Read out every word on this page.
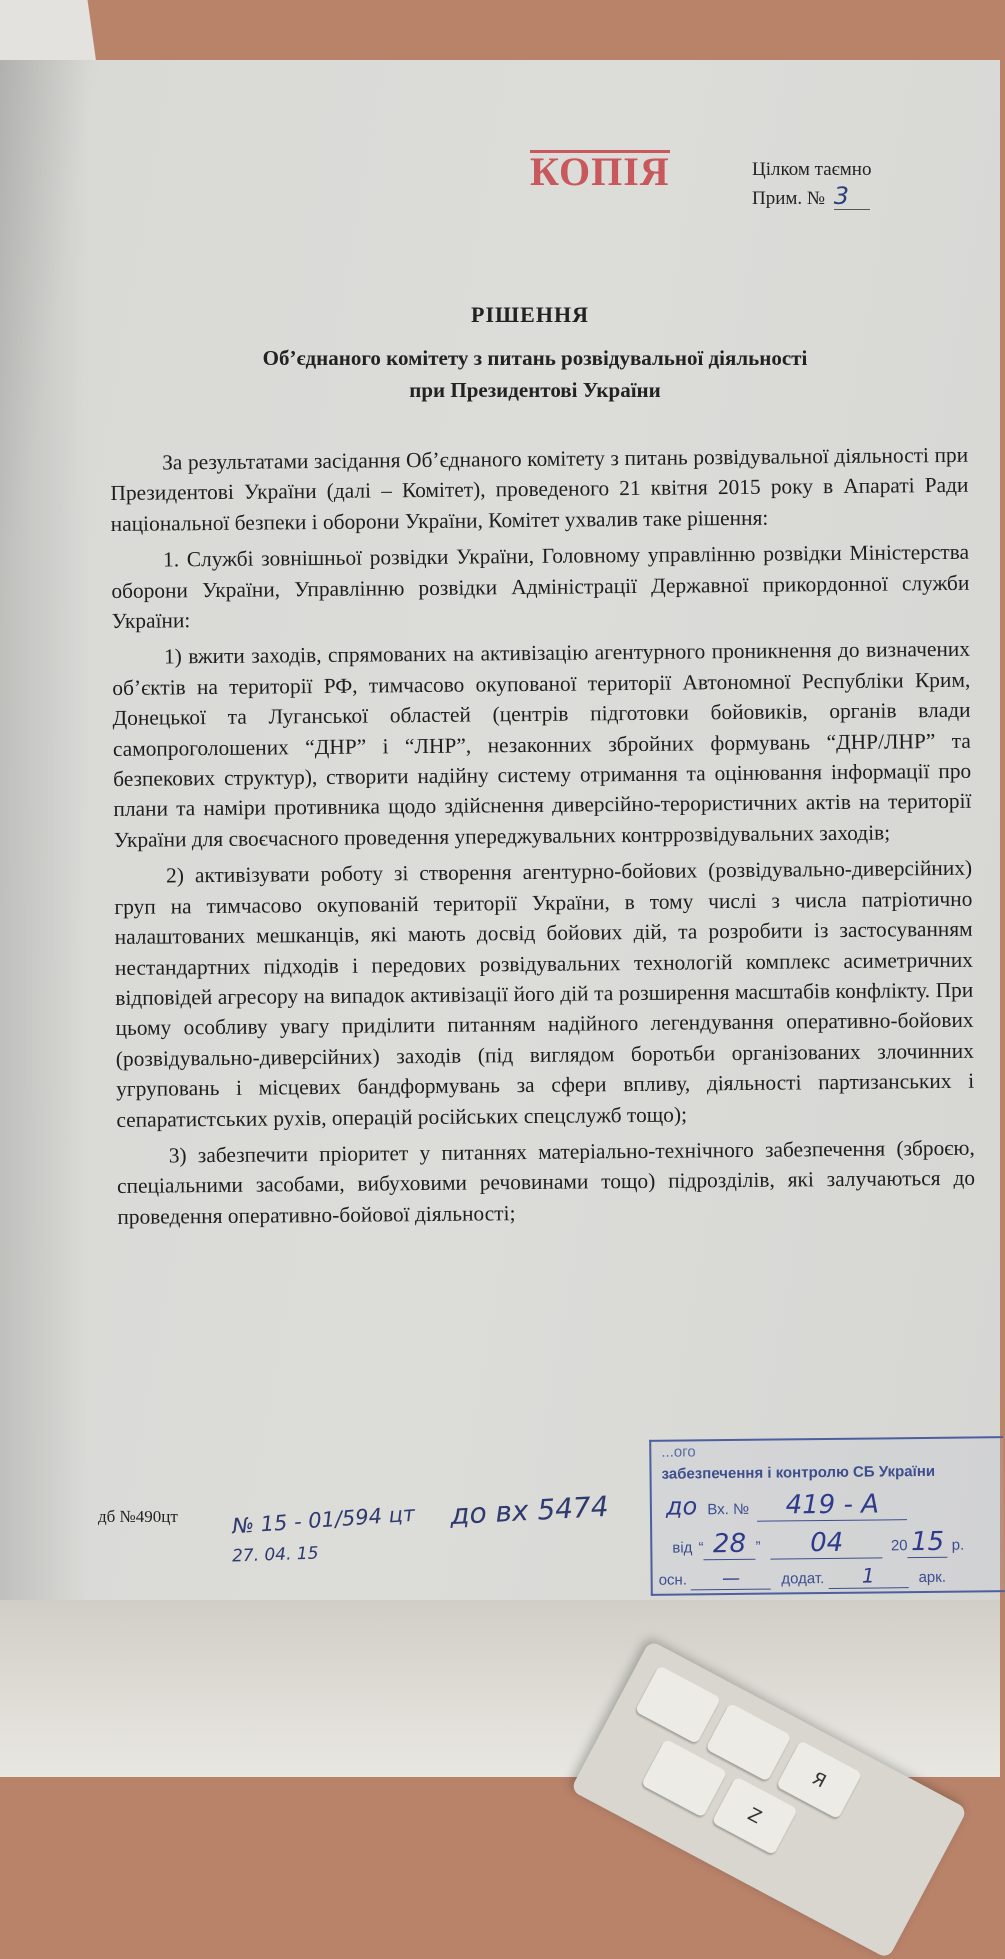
Я
Z
КОПІЯ	Цілком таємно
Прим. № 3
РІШЕННЯ
Об’єднаного комітету з питань розвідувальної діяльності
при Президентові України

За результатами засідання Об’єднаного комітету з питань розвідувальної діяльності при Президентові України (далі – Комітет), проведеного 21 квітня 2015 року в Апараті Ради національної безпеки і оборони України, Комітет ухвалив таке рішення:

1. Службі зовнішньої розвідки України, Головному управлінню розвідки Міністерства оборони України, Управлінню розвідки Адміністрації Державної прикордонної служби України:

1) вжити заходів, спрямованих на активізацію агентурного проникнення до визначених об’єктів на території РФ, тимчасово окупованої території Автономної Республіки Крим, Донецької та Луганської областей (центрів підготовки бойовиків, органів влади самопроголошених “ДНР” і “ЛНР”, незаконних збройних формувань “ДНР/ЛНР” та безпекових структур), створити надійну систему отримання та оцінювання інформації про плани та наміри противника щодо здійснення диверсійно-терористичних актів на території України для своєчасного проведення упереджувальних контррозвідувальних заходів;

2) активізувати роботу зі створення агентурно-бойових (розвідувально-диверсійних) груп на тимчасово окупованій території України, в тому числі з числа патріотично налаштованих мешканців, які мають досвід бойових дій, та розробити із застосуванням нестандартних підходів і передових розвідувальних технологій комплекс асиметричних відповідей агресору на випадок активізації його дій та розширення масштабів конфлікту. При цьому особливу увагу приділити питанням надійного легендування оперативно-бойових (розвідувально-диверсійних) заходів (під виглядом боротьби організованих злочинних угруповань і місцевих бандформувань за сфери впливу, діяльності партизанських і сепаратистських рухів, операцій російських спецслужб тощо);

3) забезпечити пріоритет у питаннях матеріально-технічного забезпечення (зброєю, спеціальними засобами, вибуховими речовинами тощо) підрозділів, які залучаються до проведення оперативно-бойової діяльності;

дб №490цт	№ 15 - 01/594 цт
27. 04. 15
до вх 5474
...ого
забезпечення і контролю СБ України
до Вх. № 419 - А
від “ 28 ” 04	20 15 р.
осн. —	додат. 1	арк.
